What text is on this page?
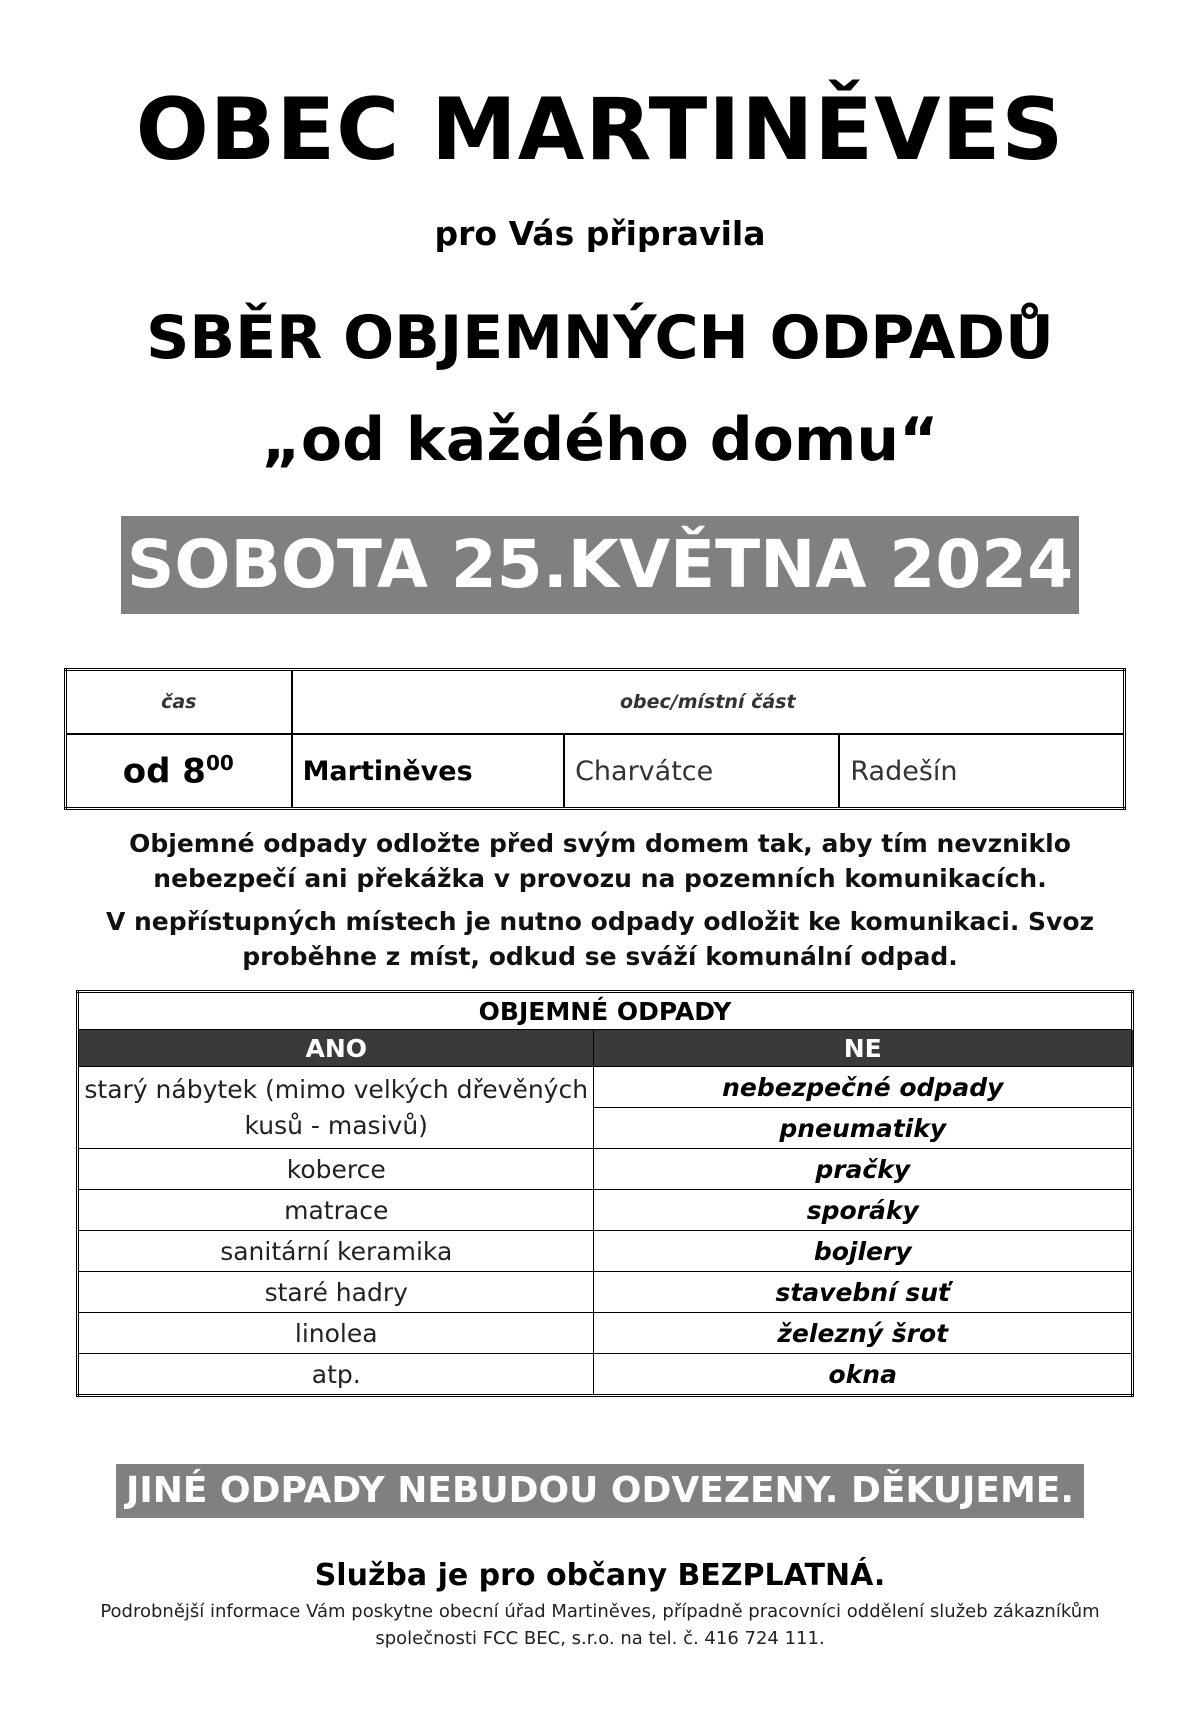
OBEC MARTINĚVES
pro Vás připravila
SBĚR OBJEMNÝCH ODPADŮ
„od každého domu“
SOBOTA 25.KVĚTNA 2024
čas	obec/místní část		
od $8^{00}$	Martiněves	Charvátce	Radešín
Objemné odpady odložte před svým domem tak, aby tím nevzniklo nebezpečí ani překážka v provozu na pozemních komunikacích.
V nepřístupných místech je nutno odpady odložit ke komunikaci. Svoz proběhne z míst, odkud se sváží komunální odpad.
OBJEMNÉ ODPADY	
ANO	NE
starý nábytek (mimo velkých dřevěných kusů - masivů)	nebezpečné odpady
	pneumatiky
koberce	pračky
matrace	sporáky
sanitární keramika	bojlery
staré hadry	stavební suť
linolea	železný šrot
atp.	okna
JINÉ ODPADY NEBUDOU ODVEZENY. DĚKUJEME.
Služba je pro občany BEZPLATNÁ.
Podrobnější informace Vám poskytne obecní úřad Martiněves, případně pracovníci oddělení služeb zákazníkům společnosti FCC BEC, s.r.o. na tel. č. 416 724 111.
